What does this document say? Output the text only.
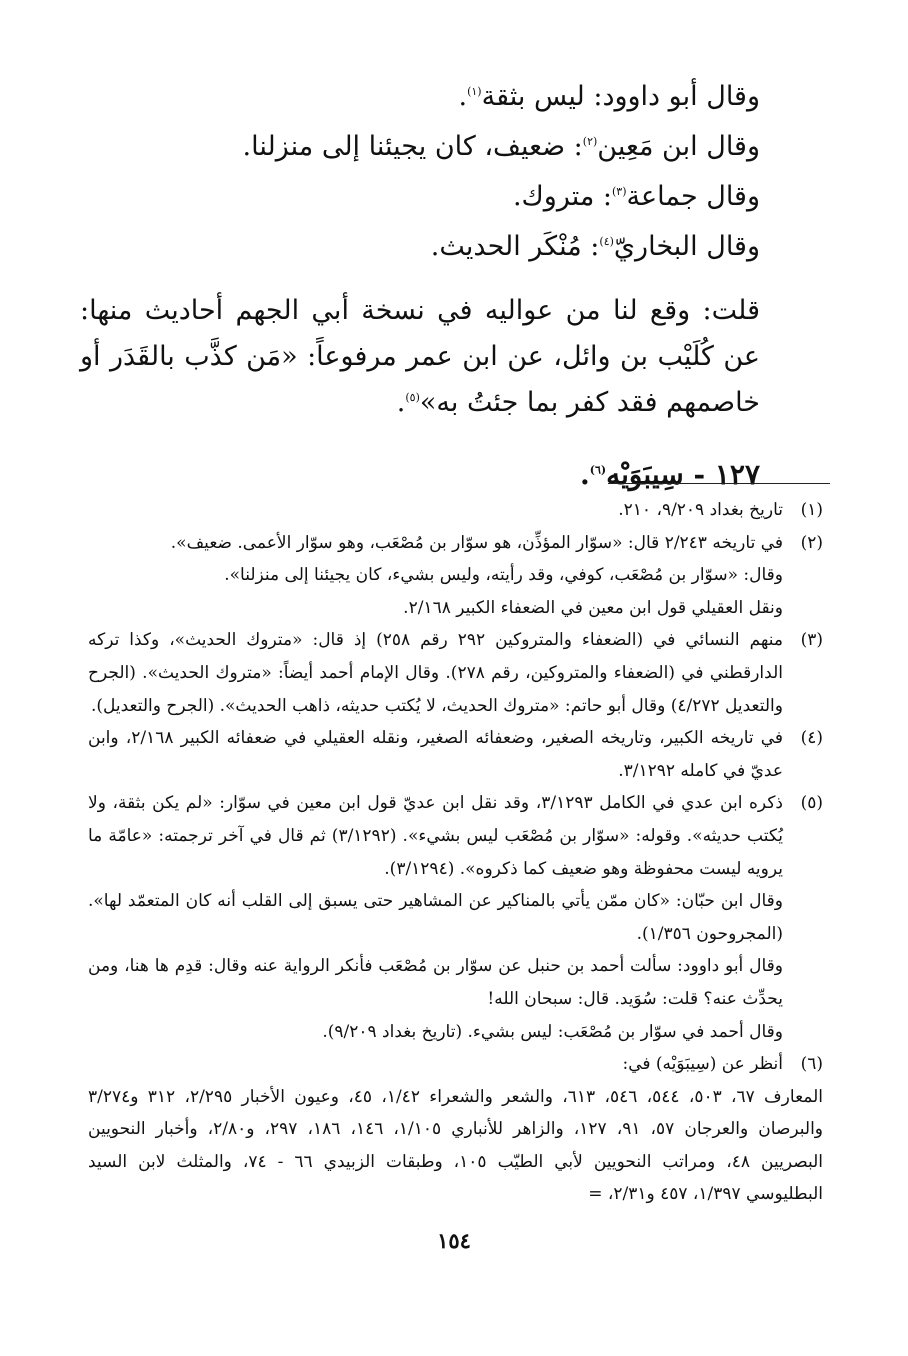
وقال أبو داوود: ليس بثقة$^{(١)}$.
وقال ابن مَعِين$^{(٢)}$: ضعيف، كان يجيئنا إلى منزلنا.
وقال جماعة$^{(٣)}$: متروك.
وقال البخاريّ$^{(٤)}$: مُنْكَر الحديث.
قلت: وقع لنا من عواليه في نسخة أبي الجهم أحاديث منها: عن كُلَيْب بن وائل، عن ابن عمر مرفوعاً: «مَن كذَّب بالقَدَر أو خاصمهم فقد كفر بما جئتُ به»$^{(٥)}$.
١٢٧ - سِيبَوَيْه$^{(٦)}$.
(١)

تاريخ بغداد ٩/٢٠٩، ٢١٠.

(٢)

في تاريخه ٢/٢٤٣ قال: «سوّار المؤذِّن، هو سوّار بن مُصْعَب، وهو سوّار الأعمى. ضعيف».

وقال: «سوّار بن مُصْعَب، كوفي، وقد رأيته، وليس بشيء، كان يجيئنا إلى منزلنا».

ونقل العقيلي قول ابن معين في الضعفاء الكبير ٢/١٦٨.

(٣)

منهم النسائي في (الضعفاء والمتروكين ٢٩٢ رقم ٢٥٨) إذ قال: «متروك الحديث»، وكذا تركه الدارقطني في (الضعفاء والمتروكين، رقم ٢٧٨). وقال الإمام أحمد أيضاً: «متروك الحديث». (الجرح والتعديل ٤/٢٧٢) وقال أبو حاتم: «متروك الحديث، لا يُكتب حديثه، ذاهب الحديث». (الجرح والتعديل).

(٤)

في تاريخه الكبير، وتاريخه الصغير، وضعفائه الصغير، ونقله العقيلي في ضعفائه الكبير ٢/١٦٨، وابن عديّ في كامله ٣/١٢٩٢.

(٥)

ذكره ابن عدي في الكامل ٣/١٢٩٣، وقد نقل ابن عديّ قول ابن معين في سوّار: «لم يكن بثقة، ولا يُكتب حديثه». وقوله: «سوّار بن مُصْعَب ليس بشيء». (٣/١٢٩٢) ثم قال في آخر ترجمته: «عامّة ما يرويه ليست محفوظة وهو ضعيف كما ذكروه». (٣/١٢٩٤).

وقال ابن حبّان: «كان ممّن يأتي بالمناكير عن المشاهير حتى يسبق إلى القلب أنه كان المتعمّد لها». (المجروحون ١/٣٥٦).

وقال أبو داوود: سألت أحمد بن حنبل عن سوّار بن مُصْعَب فأنكر الرواية عنه وقال: قدِم ها هنا، ومن يحدِّث عنه؟ قلت: سُوَيد. قال: سبحان الله!

وقال أحمد في سوّار بن مُصْعَب: ليس بشيء. (تاريخ بغداد ٩/٢٠٩).

(٦)

أنظر عن (سِيبَوَيْه) في:

المعارف ٦٧، ٥٠٣، ٥٤٤، ٥٤٦، ٦١٣، والشعر والشعراء ١/٤٢، ٤٥، وعيون الأخبار ٢/٢٩٥، ٣١٢ و٣/٢٧٤ والبرصان والعرجان ٥٧، ٩١، ١٢٧، والزاهر للأنباري ١/١٠٥، ١٤٦، ١٨٦، ٢٩٧، و٢/٨٠، وأخبار النحويين البصريين ٤٨، ومراتب النحويين لأبي الطيّب ١٠٥، وطبقات الزبيدي ٦٦ - ٧٤، والمثلث لابن السيد البطليوسي ١/٣٩٧، ٤٥٧ و٢/٣١، =

١٥٤
